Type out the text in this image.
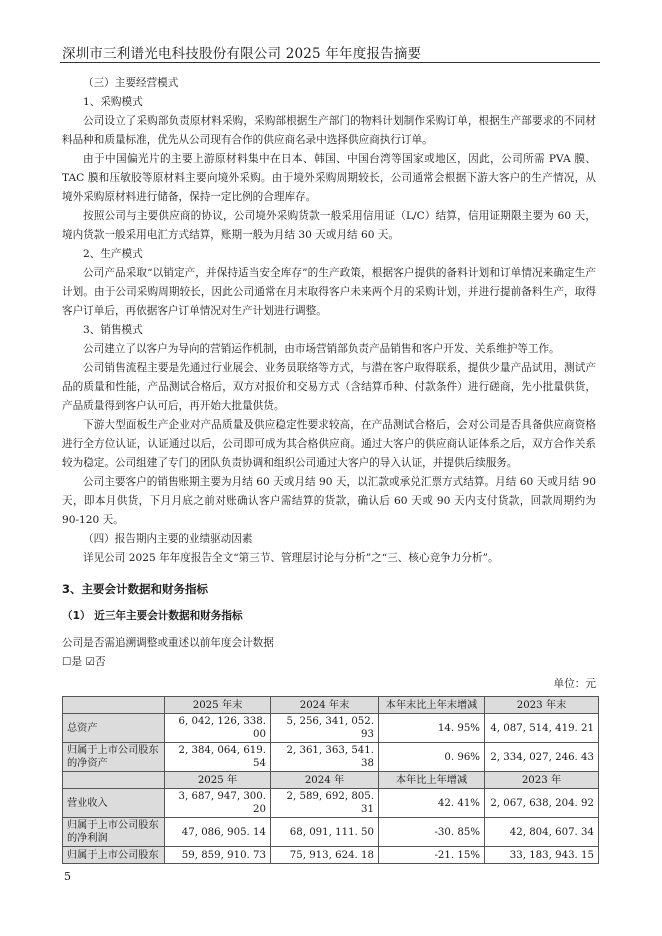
深圳市三利谱光电科技股份有限公司 2025 年年度报告摘要

（三）主要经营模式

1、采购模式

公司设立了采购部负责原材料采购，采购部根据生产部门的物料计划制作采购订单，根据生产部要求的不同材料品种和质量标准，优先从公司现有合作的供应商名录中选择供应商执行订单。

由于中国偏光片的主要上游原材料集中在日本、韩国、中国台湾等国家或地区，因此，公司所需 PVA 膜、TAC 膜和压敏胶等原材料主要向境外采购。由于境外采购周期较长，公司通常会根据下游大客户的生产情况，从境外采购原材料进行储备，保持一定比例的合理库存。

按照公司与主要供应商的协议，公司境外采购货款一般采用信用证（L/C）结算，信用证期限主要为 60 天，境内货款一般采用电汇方式结算，账期一般为月结 30 天或月结 60 天。

2、生产模式

公司产品采取“以销定产，并保持适当安全库存”的生产政策，根据客户提供的备料计划和订单情况来确定生产计划。由于公司采购周期较长，因此公司通常在月末取得客户未来两个月的采购计划，并进行提前备料生产，取得客户订单后，再依据客户订单情况对生产计划进行调整。

3、销售模式

公司建立了以客户为导向的营销运作机制，由市场营销部负责产品销售和客户开发、关系维护等工作。

公司销售流程主要是先通过行业展会、业务员联络等方式，与潜在客户取得联系，提供少量产品试用，测试产品的质量和性能，产品测试合格后，双方对报价和交易方式（含结算币种、付款条件）进行磋商，先小批量供货，产品质量得到客户认可后，再开始大批量供货。

下游大型面板生产企业对产品质量及供应稳定性要求较高，在产品测试合格后，会对公司是否具备供应商资格进行全方位认证，认证通过以后，公司即可成为其合格供应商。通过大客户的供应商认证体系之后，双方合作关系较为稳定。公司组建了专门的团队负责协调和组织公司通过大客户的导入认证，并提供后续服务。

公司主要客户的销售账期主要为月结 60 天或月结 90 天，以汇款或承兑汇票方式结算。月结 60 天或月结 90 天，即本月供货，下月月底之前对账确认客户需结算的货款，确认后 60 天或 90 天内支付货款，回款周期约为 90-120 天。

（四）报告期内主要的业绩驱动因素

详见公司 2025 年年度报告全文“第三节、管理层讨论与分析”之“三、核心竞争力分析”。

3、主要会计数据和财务指标

（1） 近三年主要会计数据和财务指标

公司是否需追溯调整或重述以前年度会计数据

☐是 ☑否

单位：元

	2025 年末	2024 年末	本年末比上年末增减	2023 年末
总资产	6, 042, 126, 338. 00	5, 256, 341, 052. 93	14. 95%	4, 087, 514, 419. 21
归属于上市公司股东的净资产	2, 384, 064, 619. 54	2, 361, 363, 541. 38	0. 96%	2, 334, 027, 246. 43
	2025 年	2024 年	本年比上年增减	2023 年
营业收入	3, 687, 947, 300. 20	2, 589, 692, 805. 31	42. 41%	2, 067, 638, 204. 92
归属于上市公司股东的净利润	47, 086, 905. 14	68, 091, 111. 50	-30. 85%	42, 804, 607. 34
归属于上市公司股东	59, 859, 910. 73	75, 913, 624. 18	-21. 15%	33, 183, 943. 15
5
